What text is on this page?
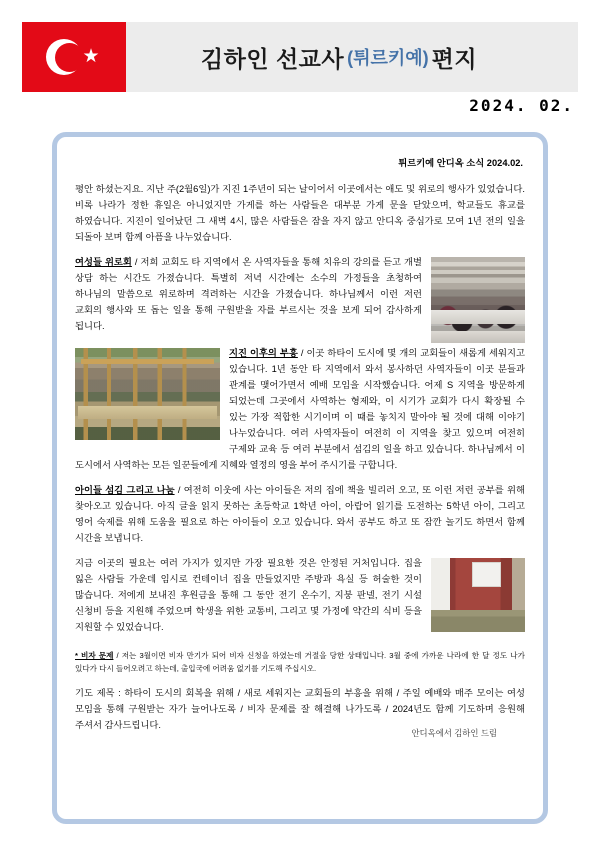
★	김하인 선교사 (튀르키예) 편지
2024. 02.
튀르키예 안디옥 소식 2024.02.

평안 하셨는지요. 지난 주(2월6일)가 지진 1주년이 되는 날이어서 이곳에서는 애도 및 위로의 행사가 있었습니다. 비록 나라가 정한 휴일은 아니었지만 가게를 하는 사람들은 대부분 가게 문을 닫았으며, 학교들도 휴교를 하였습니다. 지진이 일어났던 그 새벽 4시, 많은 사람들은 잠을 자지 않고 안디옥 중심가로 모여 1년 전의 일을 되돌아 보며 함께 아픔을 나누었습니다.

여성들 위로회 / 저희 교회도 타 지역에서 온 사역자들을 통해 치유의 강의를 듣고 개별 상담 하는 시간도 가졌습니다. 특별히 저녁 시간에는 소수의 가정들을 초청하여 하나님의 말씀으로 위로하며 격려하는 시간을 가졌습니다. 하나님께서 이런 저런 교회의 행사와 또 돕는 일을 통해 구원받을 자를 부르시는 것을 보게 되어 감사하게 됩니다.

지진 이후의 부흥 / 이곳 하타이 도시에 몇 개의 교회들이 새롭게 세워지고 있습니다. 1년 동안 타 지역에서 와서 봉사하던 사역자들이 이곳 분들과 관계를 맺어가면서 예배 모임을 시작했습니다. 어제 S 지역을 방문하게 되었는데 그곳에서 사역하는 형제와, 이 시기가 교회가 다시 확장될 수 있는 가장 적합한 시기이며 이 때를 놓치지 말아야 될 것에 대해 이야기 나누었습니다. 여러 사역자들이 여전히 이 지역을 찾고 있으며 여전히 구제와 교육 등 여러 부분에서 섬김의 일을 하고 있습니다. 하나님께서 이 도시에서 사역하는 모든 일꾼들에게 지혜와 열정의 영을 부어 주시기를 구합니다.

아이들 섬김 그리고 나눔 / 여전히 이웃에 사는 아이들은 저의 집에 책을 빌리러 오고, 또 이런 저런 공부를 위해 찾아오고 있습니다. 아직 글을 읽지 못하는 초등학교 1학년 아이, 아랍어 읽기를 도전하는 5학년 아이, 그리고 영어 숙제를 위해 도움을 필요로 하는 아이들이 오고 있습니다. 와서 공부도 하고 또 잠깐 놀기도 하면서 함께 시간을 보냅니다.

지금 이곳의 필요는 여러 가지가 있지만 가장 필요한 것은 안정된 거처입니다. 집을 잃은 사람들 가운데 임시로 컨테이너 집을 만들었지만 주방과 욕실 등 허술한 것이 많습니다. 저에게 보내진 후원금을 통해 그 동안 전기 온수기, 지붕 판넬, 전기 시설 신청비 등을 지원해 주었으며 학생을 위한 교통비, 그리고 몇 가정에 약간의 식비 등을 지원할 수 있었습니다.

* 비자 문제 / 저는 3월이면 비자 만기가 되어 비자 신청을 하였는데 거절을 당한 상태입니다. 3월 중에 가까운 나라에 한 달 정도 나가 있다가 다시 들어오려고 하는데, 출입국에 어려움 없기를 기도해 주십시오.

기도 제목 : 하타이 도시의 회복을 위해 / 새로 세워지는 교회들의 부흥을 위해 / 주일 예배와 매주 모이는 여성 모임을 통해 구원받는 자가 늘어나도록 / 비자 문제를 잘 해결해 나가도록 / 2024년도 함께 기도하며 응원해 주셔서 감사드립니다.

안디옥에서 김하인 드림
